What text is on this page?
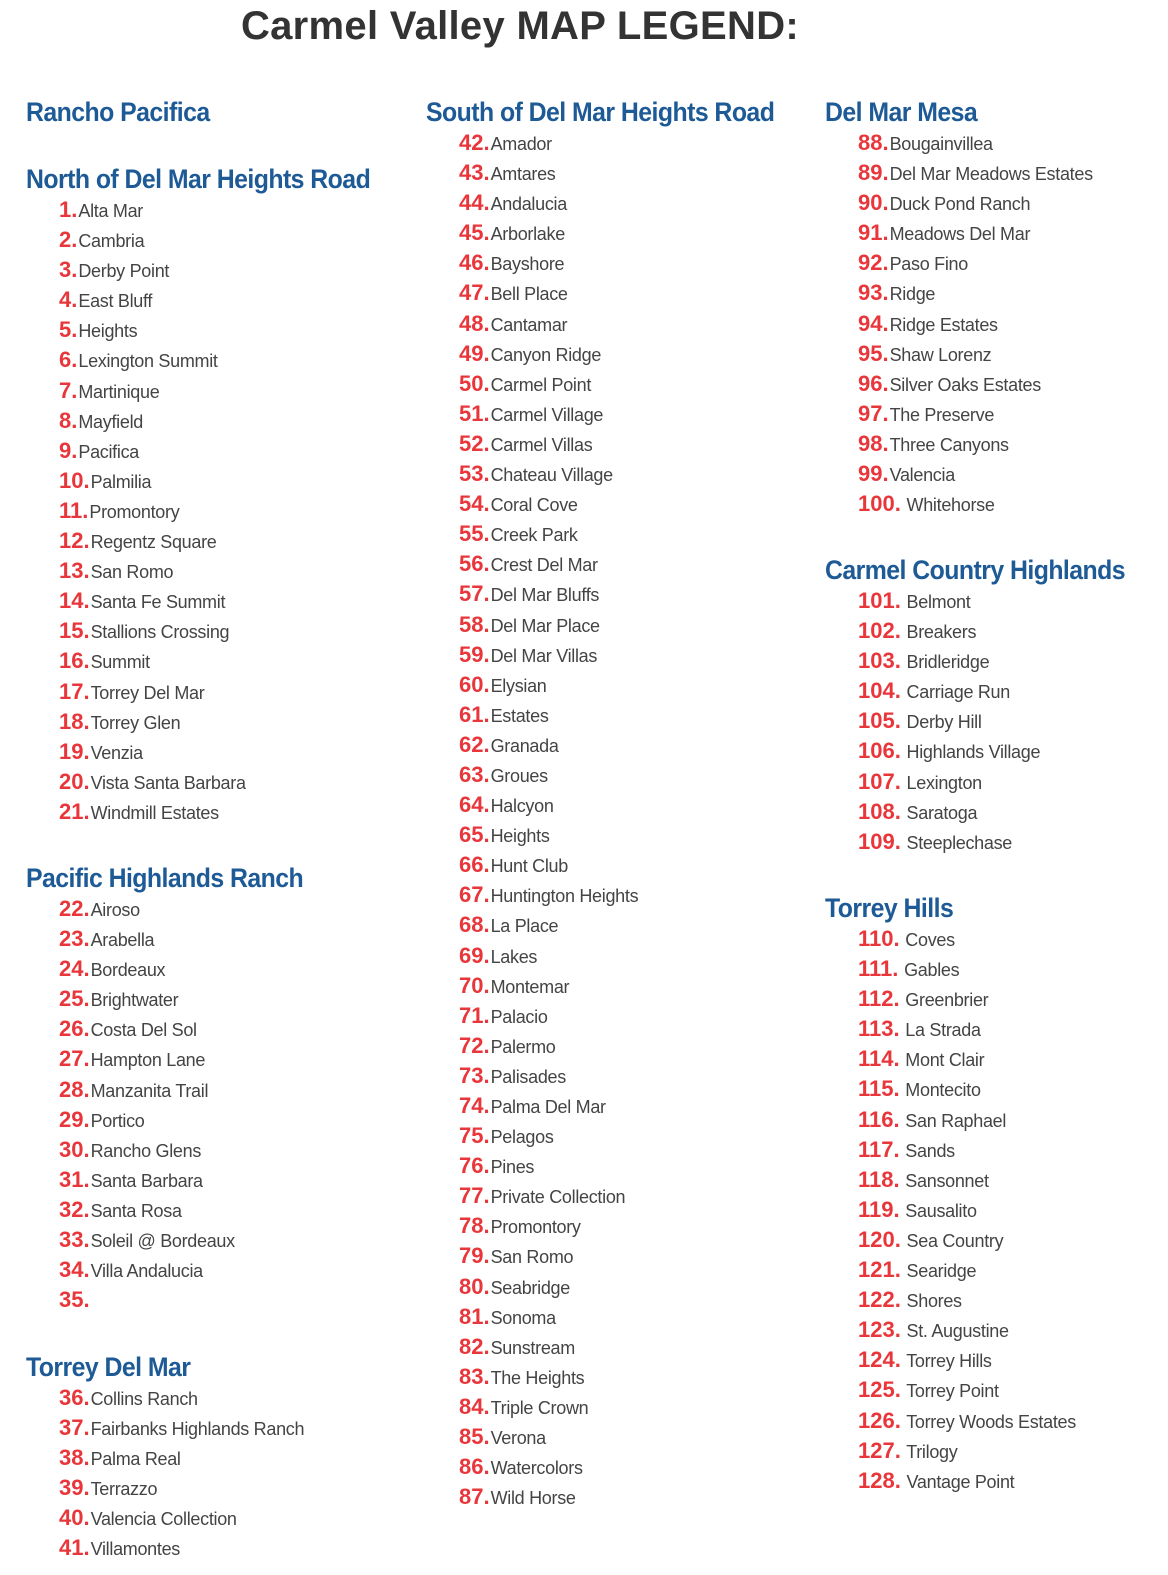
Carmel Valley MAP LEGEND:
Rancho Pacifica
North of Del Mar Heights Road
1.Alta Mar
2.Cambria
3.Derby Point
4.East Bluff
5.Heights
6.Lexington Summit
7.Martinique
8.Mayfield
9.Pacifica
10.Palmilia
11.Promontory
12.Regentz Square
13.San Romo
14.Santa Fe Summit
15.Stallions Crossing
16.Summit
17.Torrey Del Mar
18.Torrey Glen
19.Venzia
20.Vista Santa Barbara
21.Windmill Estates
Pacific Highlands Ranch
22.Airoso
23.Arabella
24.Bordeaux
25.Brightwater
26.Costa Del Sol
27.Hampton Lane
28.Manzanita Trail
29.Portico
30.Rancho Glens
31.Santa Barbara
32.Santa Rosa
33.Soleil @ Bordeaux
34.Villa Andalucia
35.
Torrey Del Mar
36.Collins Ranch
37.Fairbanks Highlands Ranch
38.Palma Real
39.Terrazzo
40.Valencia Collection
41.Villamontes
South of Del Mar Heights Road
42.Amador
43.Amtares
44.Andalucia
45.Arborlake
46.Bayshore
47.Bell Place
48.Cantamar
49.Canyon Ridge
50.Carmel Point
51.Carmel Village
52.Carmel Villas
53.Chateau Village
54.Coral Cove
55.Creek Park
56.Crest Del Mar
57.Del Mar Bluffs
58.Del Mar Place
59.Del Mar Villas
60.Elysian
61.Estates
62.Granada
63.Groues
64.Halcyon
65.Heights
66.Hunt Club
67.Huntington Heights
68.La Place
69.Lakes
70.Montemar
71.Palacio
72.Palermo
73.Palisades
74.Palma Del Mar
75.Pelagos
76.Pines
77.Private Collection
78.Promontory
79.San Romo
80.Seabridge
81.Sonoma
82.Sunstream
83.The Heights
84.Triple Crown
85.Verona
86.Watercolors
87.Wild Horse
Del Mar Mesa
88.Bougainvillea
89.Del Mar Meadows Estates
90.Duck Pond Ranch
91.Meadows Del Mar
92.Paso Fino
93.Ridge
94.Ridge Estates
95.Shaw Lorenz
96.Silver Oaks Estates
97.The Preserve
98.Three Canyons
99.Valencia
100. Whitehorse
Carmel Country Highlands
101. Belmont
102. Breakers
103. Bridleridge
104. Carriage Run
105. Derby Hill
106. Highlands Village
107. Lexington
108. Saratoga
109. Steeplechase
Torrey Hills
110. Coves
111. Gables
112. Greenbrier
113. La Strada
114. Mont Clair
115. Montecito
116. San Raphael
117. Sands
118. Sansonnet
119. Sausalito
120. Sea Country
121. Searidge
122. Shores
123. St. Augustine
124. Torrey Hills
125. Torrey Point
126. Torrey Woods Estates
127. Trilogy
128. Vantage Point
